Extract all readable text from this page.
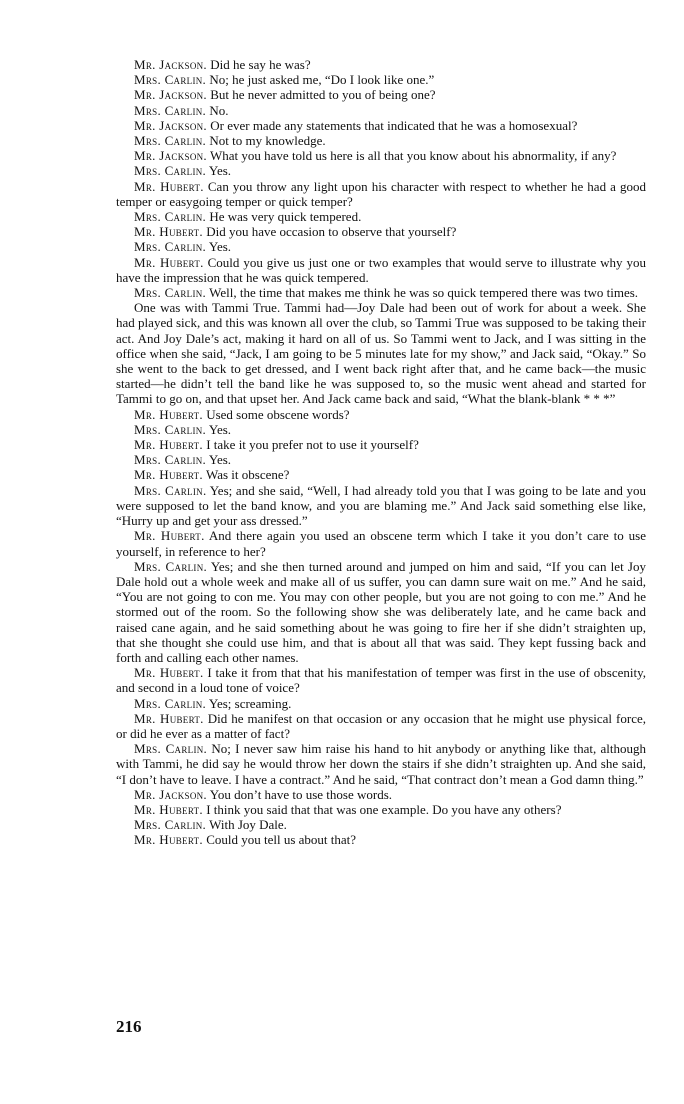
Mr. Jackson. Did he say he was?

Mrs. Carlin. No; he just asked me, “Do I look like one.”

Mr. Jackson. But he never admitted to you of being one?

Mrs. Carlin. No.

Mr. Jackson. Or ever made any statements that indicated that he was a homosexual?

Mrs. Carlin. Not to my knowledge.

Mr. Jackson. What you have told us here is all that you know about his abnormality, if any?

Mrs. Carlin. Yes.

Mr. Hubert. Can you throw any light upon his character with respect to whether he had a good temper or easygoing temper or quick temper?

Mrs. Carlin. He was very quick tempered.

Mr. Hubert. Did you have occasion to observe that yourself?

Mrs. Carlin. Yes.

Mr. Hubert. Could you give us just one or two examples that would serve to illustrate why you have the impression that he was quick tempered.

Mrs. Carlin. Well, the time that makes me think he was so quick tempered there was two times.

One was with Tammi True. Tammi had—Joy Dale had been out of work for about a week. She had played sick, and this was known all over the club, so Tammi True was supposed to be taking their act. And Joy Dale’s act, making it hard on all of us. So Tammi went to Jack, and I was sitting in the office when she said, “Jack, I am going to be 5 minutes late for my show,” and Jack said, “Okay.” So she went to the back to get dressed, and I went back right after that, and he came back—the music started—he didn’t tell the band like he was supposed to, so the music went ahead and started for Tammi to go on, and that upset her. And Jack came back and said, “What the blank-blank * * *”

Mr. Hubert. Used some obscene words?

Mrs. Carlin. Yes.

Mr. Hubert. I take it you prefer not to use it yourself?

Mrs. Carlin. Yes.

Mr. Hubert. Was it obscene?

Mrs. Carlin. Yes; and she said, “Well, I had already told you that I was going to be late and you were supposed to let the band know, and you are blaming me.” And Jack said something else like, “Hurry up and get your ass dressed.”

Mr. Hubert. And there again you used an obscene term which I take it you don’t care to use yourself, in reference to her?

Mrs. Carlin. Yes; and she then turned around and jumped on him and said, “If you can let Joy Dale hold out a whole week and make all of us suffer, you can damn sure wait on me.” And he said, “You are not going to con me. You may con other people, but you are not going to con me.” And he stormed out of the room. So the following show she was deliberately late, and he came back and raised cane again, and he said something about he was going to fire her if she didn’t straighten up, that she thought she could use him, and that is about all that was said. They kept fussing back and forth and calling each other names.

Mr. Hubert. I take it from that that his manifestation of temper was first in the use of obscenity, and second in a loud tone of voice?

Mrs. Carlin. Yes; screaming.

Mr. Hubert. Did he manifest on that occasion or any occasion that he might use physical force, or did he ever as a matter of fact?

Mrs. Carlin. No; I never saw him raise his hand to hit anybody or anything like that, although with Tammi, he did say he would throw her down the stairs if she didn’t straighten up. And she said, “I don’t have to leave. I have a contract.” And he said, “That contract don’t mean a God damn thing.”

Mr. Jackson. You don’t have to use those words.

Mr. Hubert. I think you said that that was one example. Do you have any others?

Mrs. Carlin. With Joy Dale.

Mr. Hubert. Could you tell us about that?

216
